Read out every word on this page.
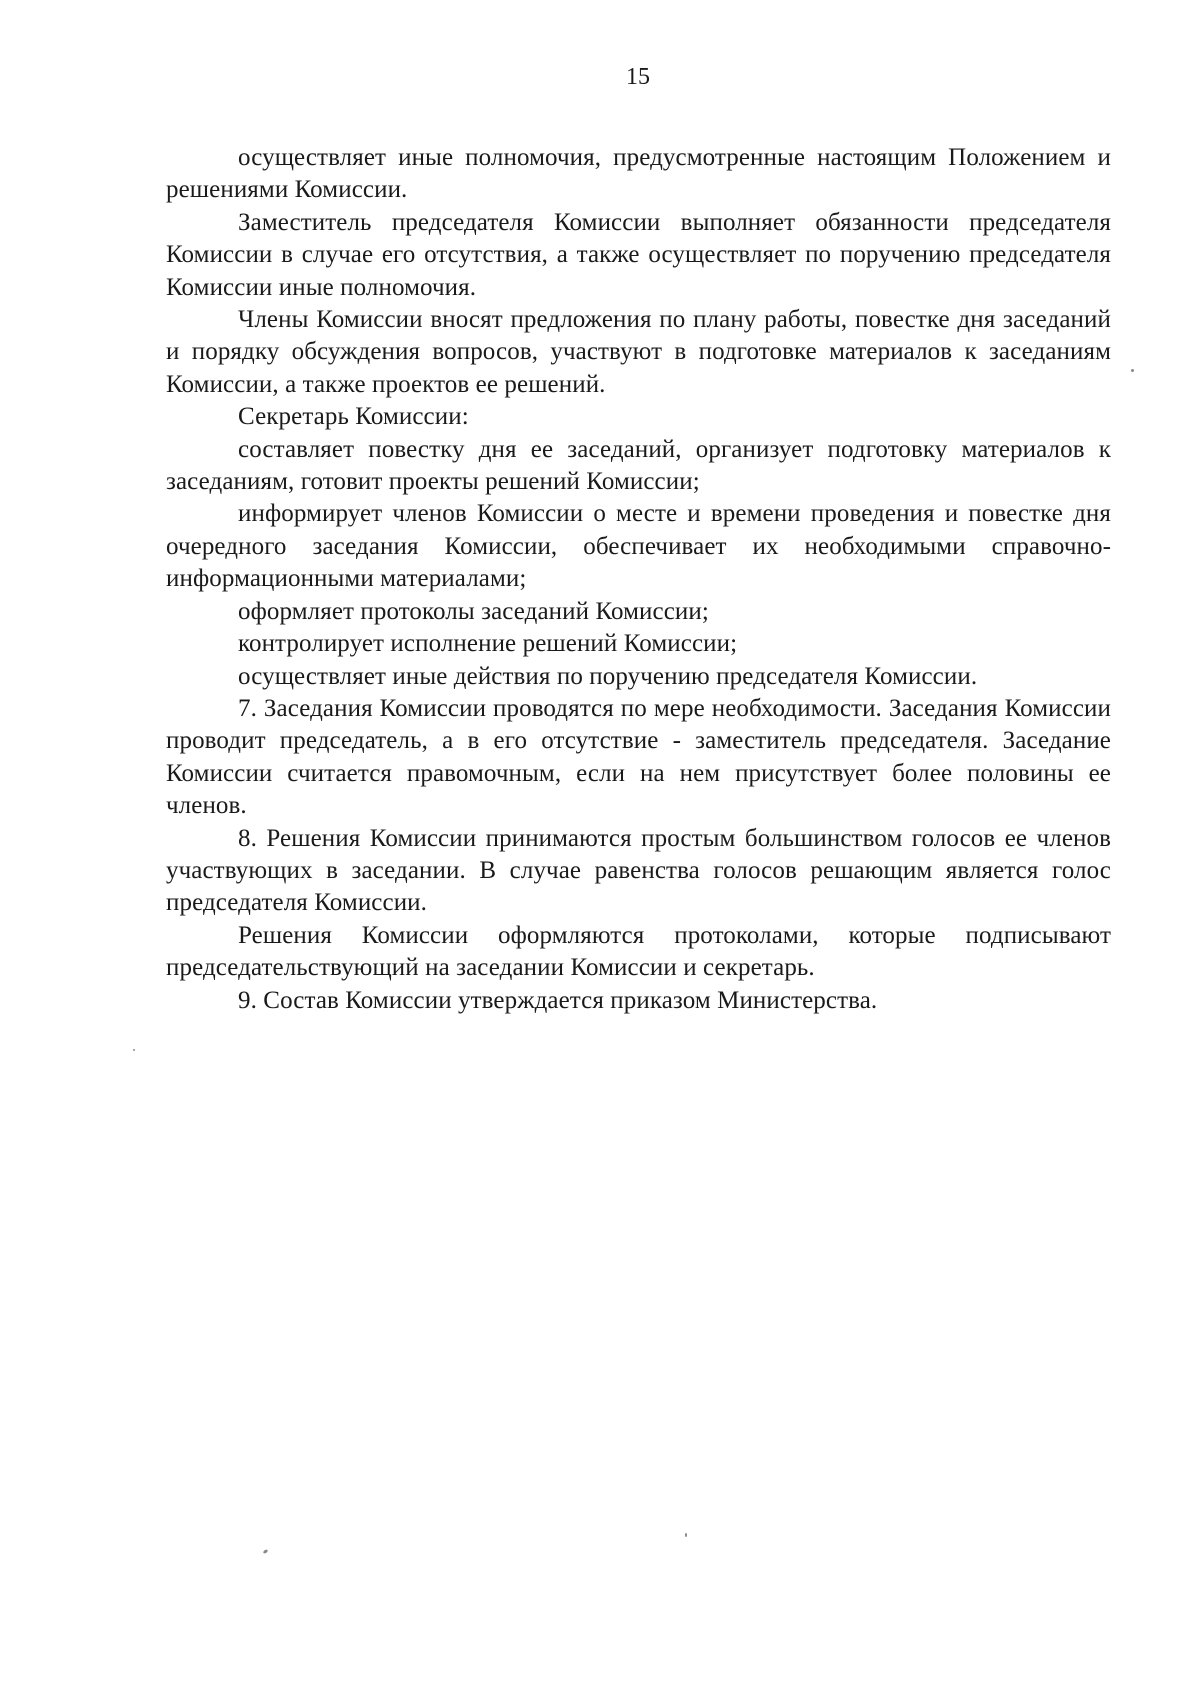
15

осуществляет иные полномочия, предусмотренные настоящим Положением и решениями Комиссии.

Заместитель председателя Комиссии выполняет обязанности председателя Комиссии в случае его отсутствия, а также осуществляет по поручению председателя Комиссии иные полномочия.

Члены Комиссии вносят предложения по плану работы, повестке дня заседаний и порядку обсуждения вопросов, участвуют в подготовке материалов к заседаниям Комиссии, а также проектов ее решений.

Секретарь Комиссии:

составляет повестку дня ее заседаний, организует подготовку материалов к заседаниям, готовит проекты решений Комиссии;

информирует членов Комиссии о месте и времени проведения и повестке дня очередного заседания Комиссии, обеспечивает их необходимыми справочно-информационными материалами;

оформляет протоколы заседаний Комиссии;

контролирует исполнение решений Комиссии;

осуществляет иные действия по поручению председателя Комиссии.

7. Заседания Комиссии проводятся по мере необходимости. Заседания Комиссии проводит председатель, а в его отсутствие - заместитель председателя. Заседание Комиссии считается правомочным, если на нем присутствует более половины ее членов.

8. Решения Комиссии принимаются простым большинством голосов ее членов участвующих в заседании. В случае равенства голосов решающим является голос председателя Комиссии.

Решения Комиссии оформляются протоколами, которые подписывают председательствующий на заседании Комиссии и секретарь.

9. Состав Комиссии утверждается приказом Министерства.
